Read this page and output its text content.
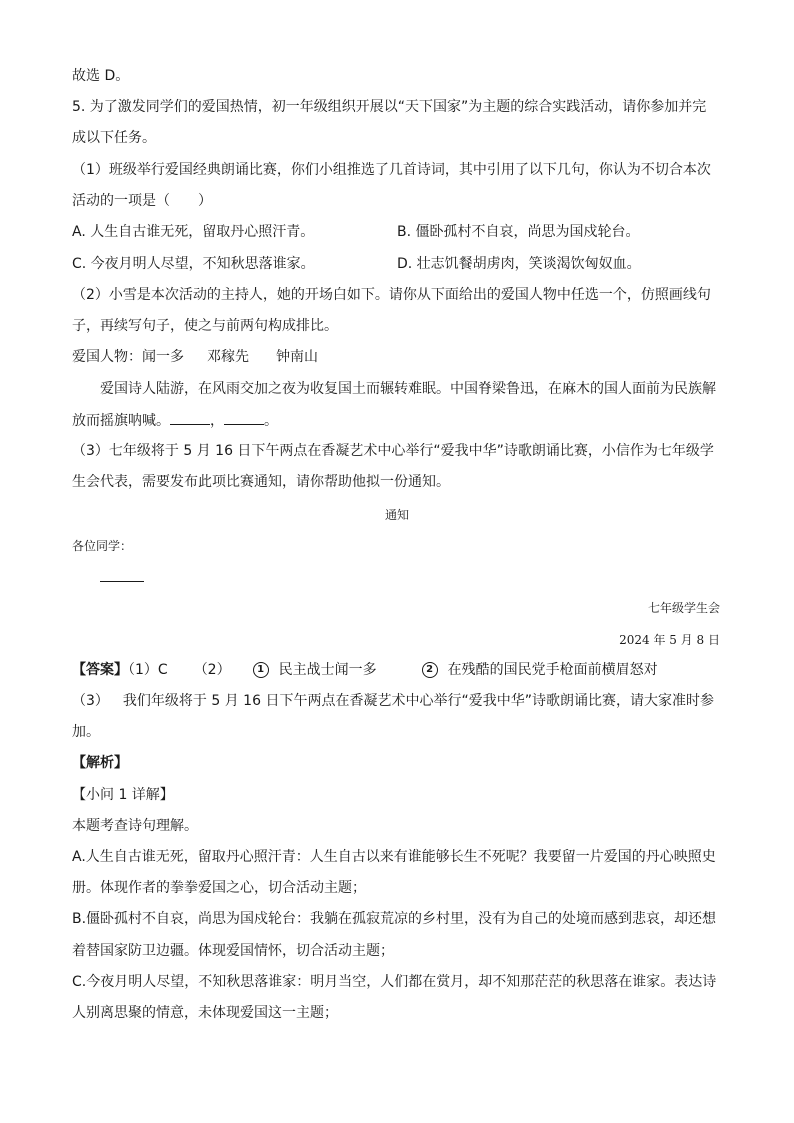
故选 D。

5. 为了激发同学们的爱国热情，初一年级组织开展以“天下国家”为主题的综合实践活动，请你参加并完

成以下任务。

（1）班级举行爱国经典朗诵比赛，你们小组推选了几首诗词，其中引用了以下几句，你认为不切合本次

活动的一项是（　　）

A. 人生自古谁无死，留取丹心照汗青。	B. 僵卧孤村不自哀，尚思为国戍轮台。
C. 今夜月明人尽望，不知秋思落谁家。	D. 壮志饥餐胡虏肉，笑谈渴饮匈奴血。

（2）小雪是本次活动的主持人，她的开场白如下。请你从下面给出的爱国人物中任选一个，仿照画线句

子，再续写句子，使之与前两句构成排比。

爱国人物：闻一多 邓稼先 钟南山

爱国诗人陆游，在风雨交加之夜为收复国土而辗转难眠。中国脊梁鲁迅，在麻木的国人面前为民族解

放而摇旗呐喊。	，	。

（3）七年级将于 5 月 16 日下午两点在香凝艺术中心举行“爱我中华”诗歌朗诵比赛，小信作为七年级学

生会代表，需要发布此项比赛通知，请你帮助他拟一份通知。

通知

各位同学：

七年级学生会

2024 年 5 月 8 日

【答案】（1）C （2）	1 民主战士闻一多	2 在残酷的国民党手枪面前横眉怒对

（3） 我们年级将于 5 月 16 日下午两点在香凝艺术中心举行“爱我中华”诗歌朗诵比赛，请大家准时参

加。

【解析】

【小问 1 详解】

本题考查诗句理解。

A.人生自古谁无死，留取丹心照汗青：人生自古以来有谁能够长生不死呢？我要留一片爱国的丹心映照史

册。体现作者的拳拳爱国之心，切合活动主题；

B.僵卧孤村不自哀，尚思为国戍轮台：我躺在孤寂荒凉的乡村里，没有为自己的处境而感到悲哀，却还想

着替国家防卫边疆。体现爱国情怀，切合活动主题；

C.今夜月明人尽望，不知秋思落谁家：明月当空，人们都在赏月，却不知那茫茫的秋思落在谁家。表达诗

人别离思聚的情意，未体现爱国这一主题；
